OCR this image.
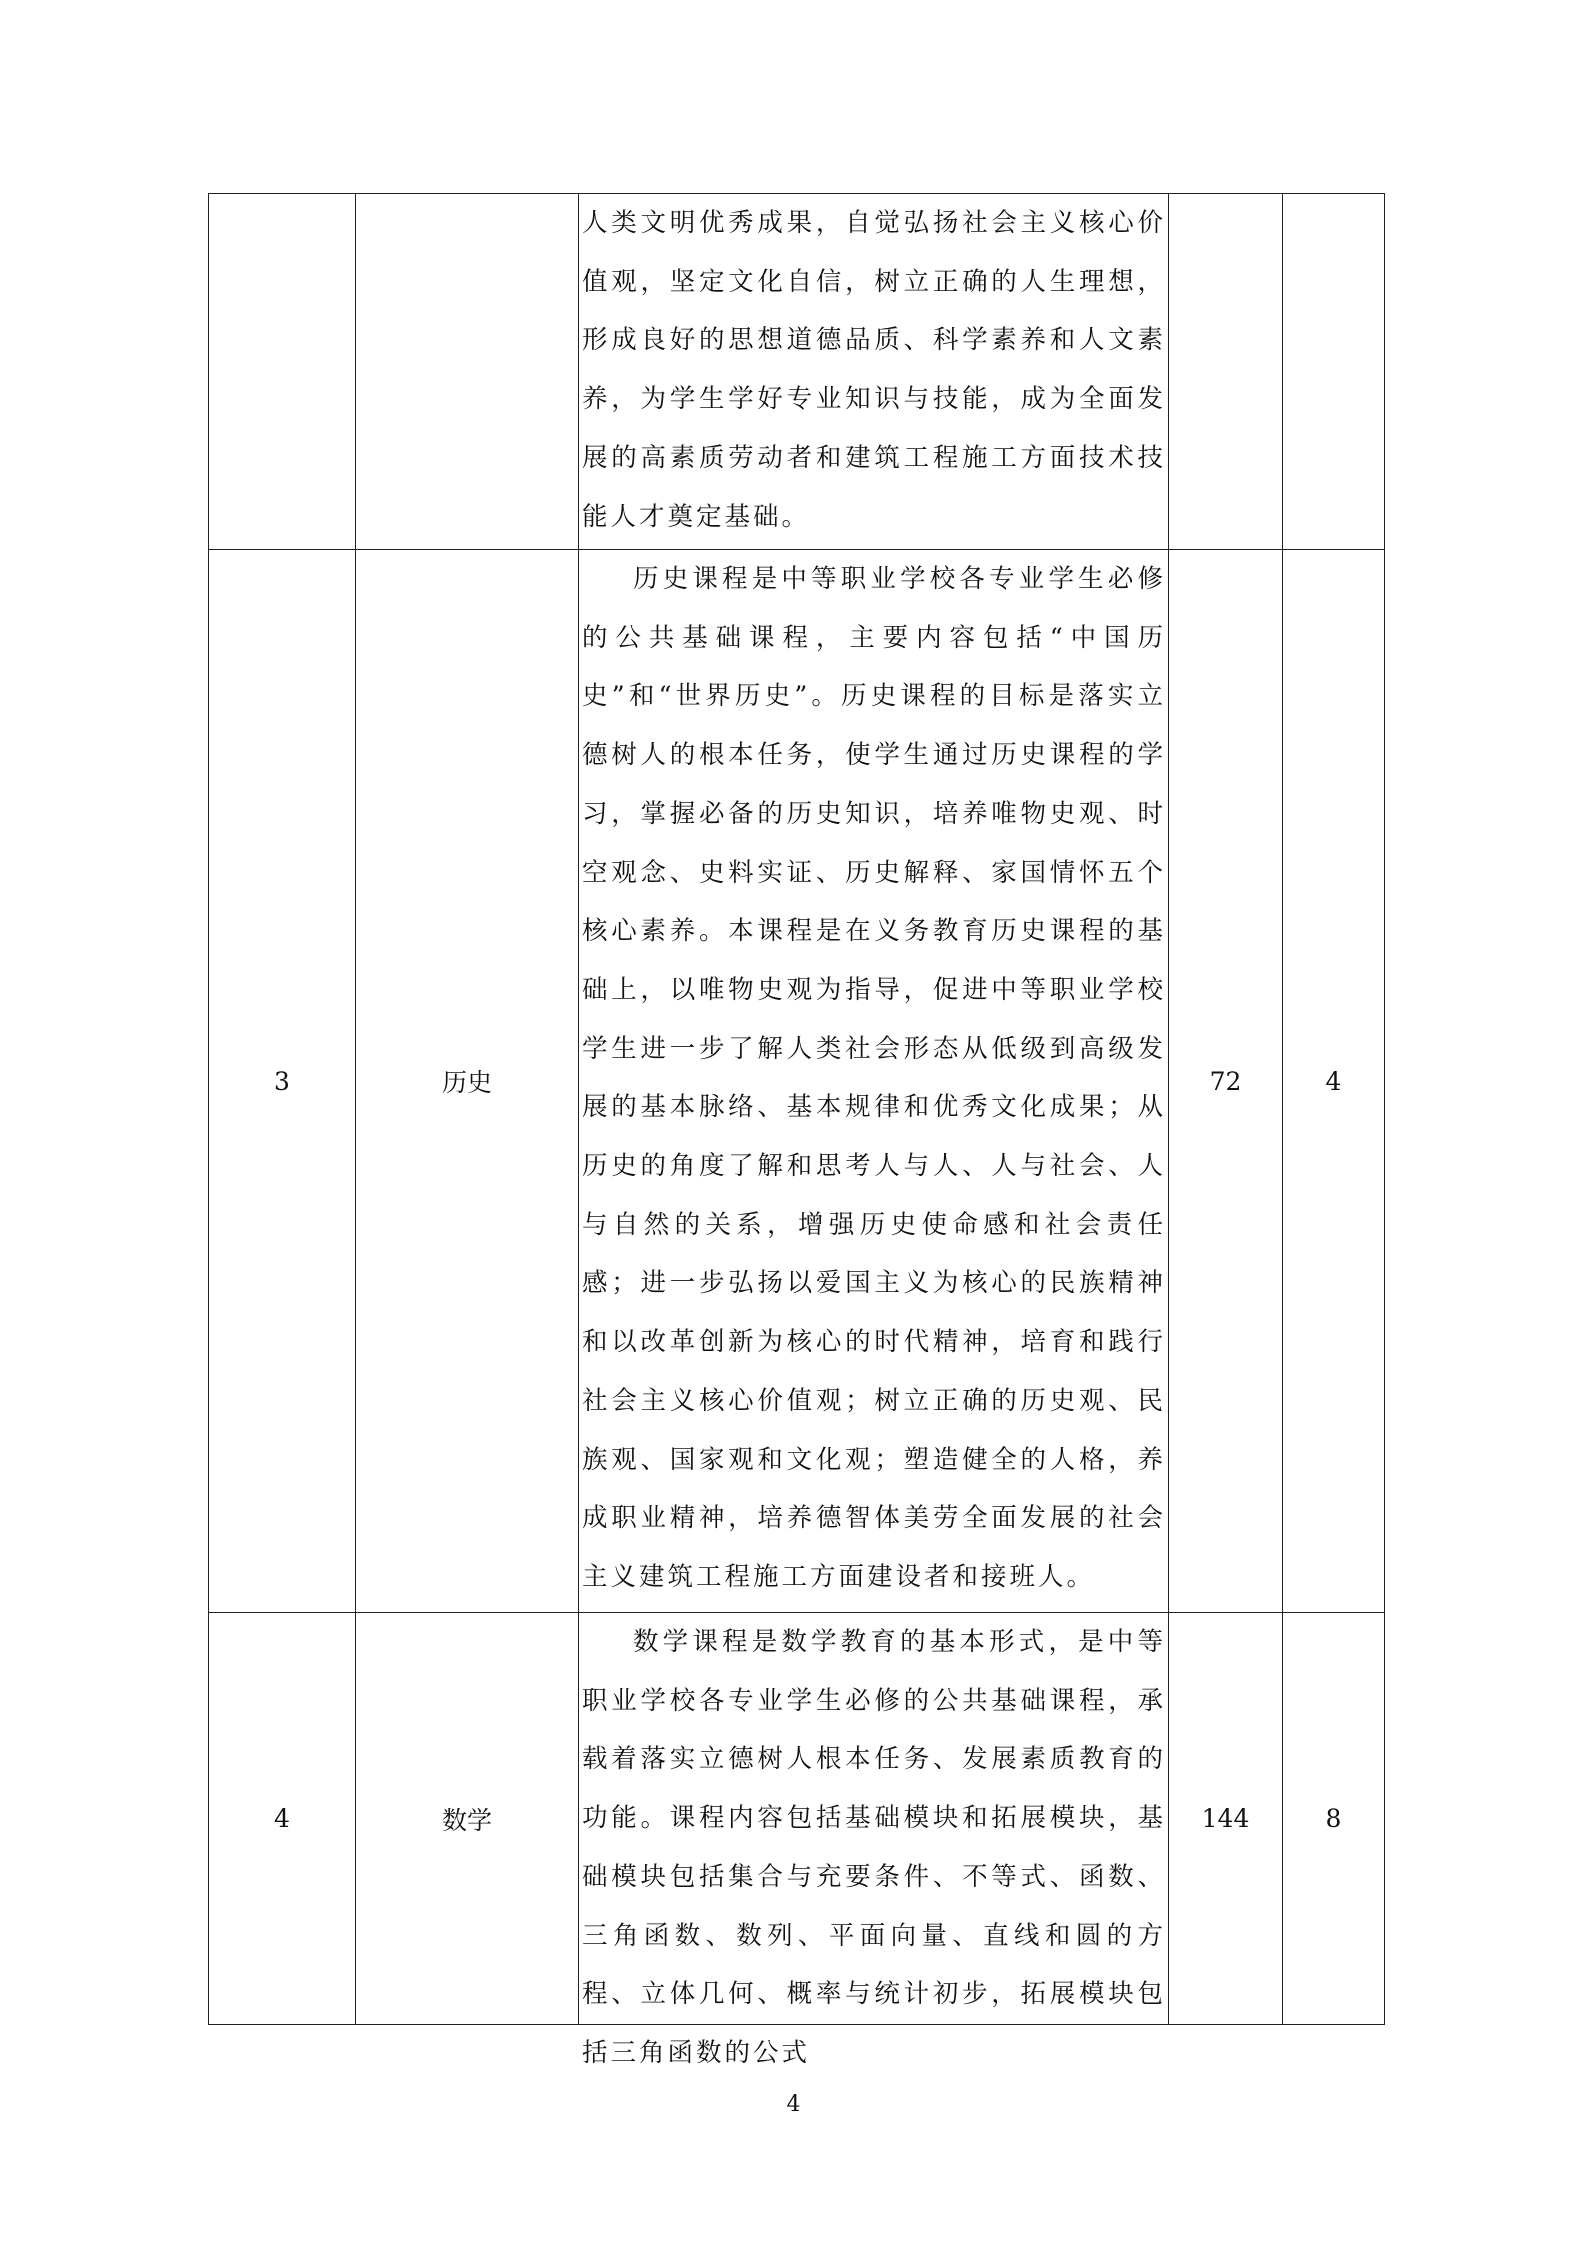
		人类文明优秀成果，自觉弘扬社会主义核心价值观，坚定文化自信，树立正确的人生理想，形成良好的思想道德品质、科学素养和人文素养，为学生学好专业知识与技能，成为全面发展的高素质劳动者和建筑工程施工方面技术技能人才奠定基础。		

3	历史	历史课程是中等职业学校各专业学生必修的公共基础课程，主要内容包括“中国历史”和“世界历史”。历史课程的目标是落实立德树人的根本任务，使学生通过历史课程的学习，掌握必备的历史知识，培养唯物史观、时空观念、史料实证、历史解释、家国情怀五个核心素养。本课程是在义务教育历史课程的基础上，以唯物史观为指导，促进中等职业学校学生进一步了解人类社会形态从低级到高级发展的基本脉络、基本规律和优秀文化成果；从历史的角度了解和思考人与人、人与社会、人与自然的关系，增强历史使命感和社会责任感；进一步弘扬以爱国主义为核心的民族精神和以改革创新为核心的时代精神，培育和践行社会主义核心价值观；树立正确的历史观、民族观、国家观和文化观；塑造健全的人格，养成职业精神，培养德智体美劳全面发展的社会主义建筑工程施工方面建设者和接班人。	72	4
4	数学	数学课程是数学教育的基本形式，是中等职业学校各专业学生必修的公共基础课程，承载着落实立德树人根本任务、发展素质教育的功能。课程内容包括基础模块和拓展模块，基础模块包括集合与充要条件、不等式、函数、三角函数、数列、平面向量、直线和圆的方程、立体几何、概率与统计初步，拓展模块包括三角函数的公式	144	8
4
